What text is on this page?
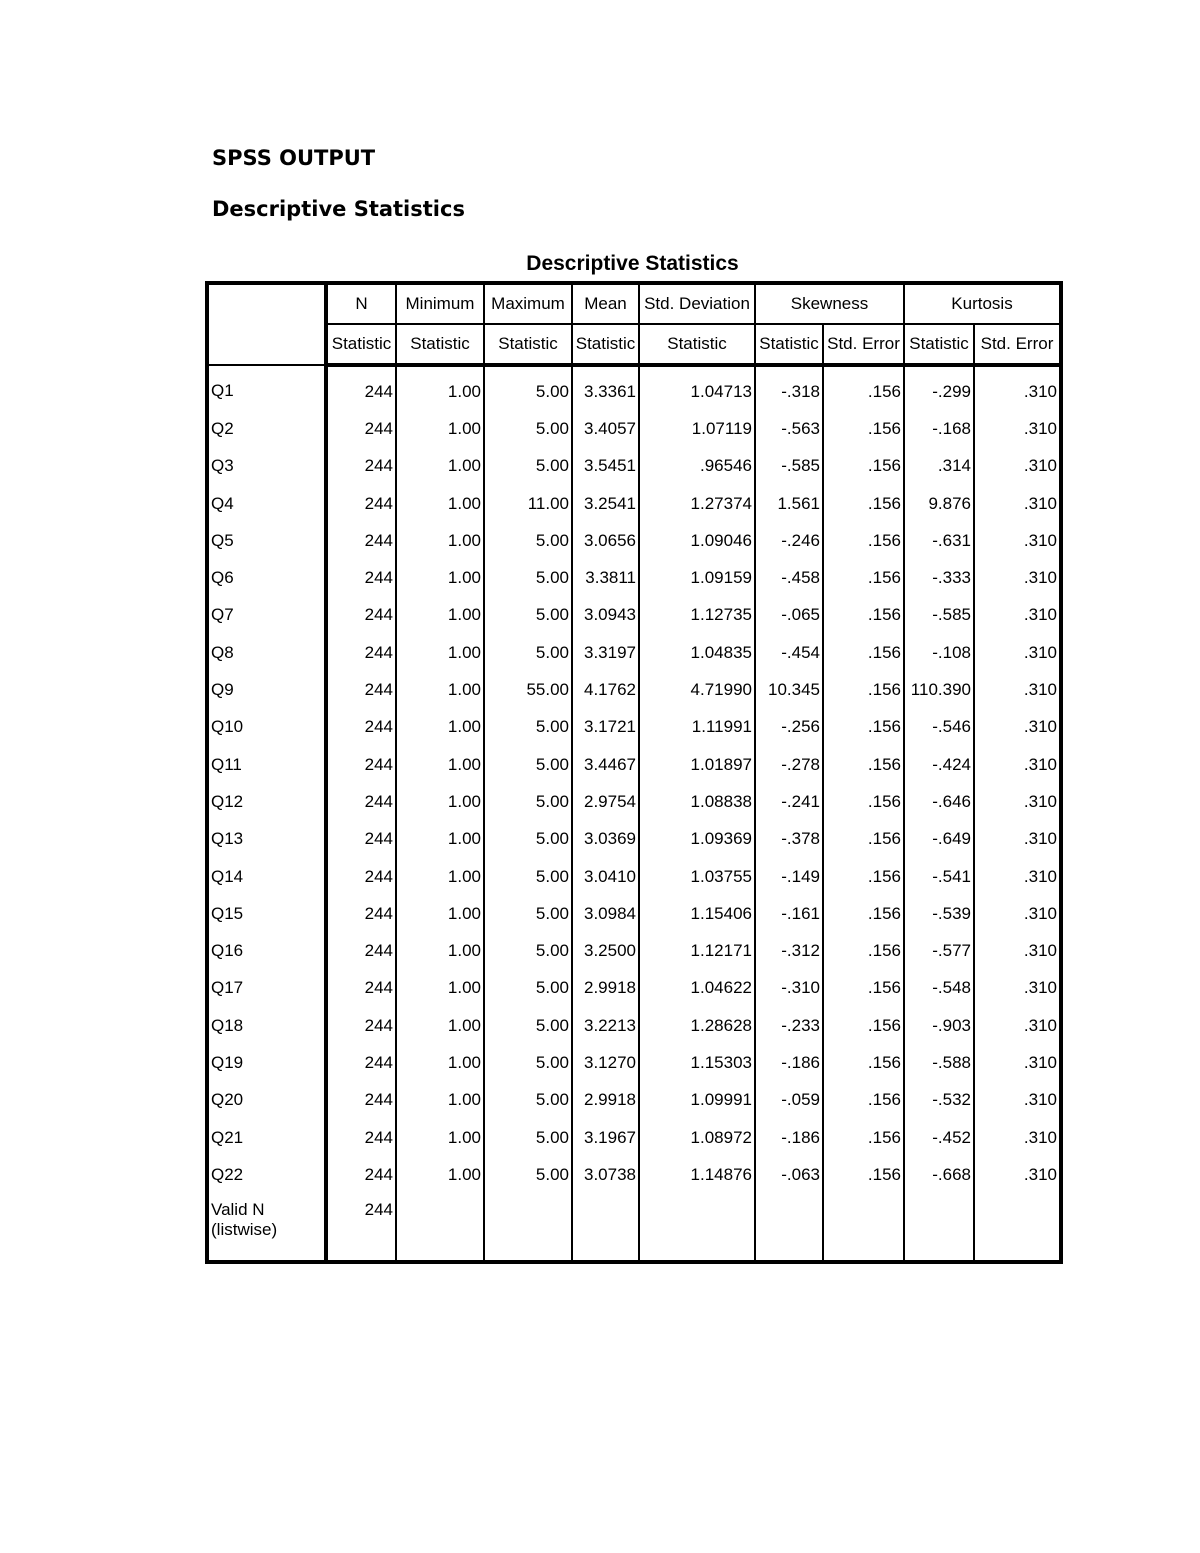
SPSS OUTPUT
Descriptive Statistics
Descriptive Statistics
	N	Minimum	Maximum	Mean	Std. Deviation	Skewness		Kurtosis	
	Statistic	Statistic	Statistic	Statistic	Statistic	Statistic	Std. Error	Statistic	Std. Error
Q1	244	1.00	5.00	3.3361	1.04713	-.318	.156	-.299	.310
Q2	244	1.00	5.00	3.4057	1.07119	-.563	.156	-.168	.310
Q3	244	1.00	5.00	3.5451	.96546	-.585	.156	.314	.310
Q4	244	1.00	11.00	3.2541	1.27374	1.561	.156	9.876	.310
Q5	244	1.00	5.00	3.0656	1.09046	-.246	.156	-.631	.310
Q6	244	1.00	5.00	3.3811	1.09159	-.458	.156	-.333	.310
Q7	244	1.00	5.00	3.0943	1.12735	-.065	.156	-.585	.310
Q8	244	1.00	5.00	3.3197	1.04835	-.454	.156	-.108	.310
Q9	244	1.00	55.00	4.1762	4.71990	10.345	.156	110.390	.310
Q10	244	1.00	5.00	3.1721	1.11991	-.256	.156	-.546	.310
Q11	244	1.00	5.00	3.4467	1.01897	-.278	.156	-.424	.310
Q12	244	1.00	5.00	2.9754	1.08838	-.241	.156	-.646	.310
Q13	244	1.00	5.00	3.0369	1.09369	-.378	.156	-.649	.310
Q14	244	1.00	5.00	3.0410	1.03755	-.149	.156	-.541	.310
Q15	244	1.00	5.00	3.0984	1.15406	-.161	.156	-.539	.310
Q16	244	1.00	5.00	3.2500	1.12171	-.312	.156	-.577	.310
Q17	244	1.00	5.00	2.9918	1.04622	-.310	.156	-.548	.310
Q18	244	1.00	5.00	3.2213	1.28628	-.233	.156	-.903	.310
Q19	244	1.00	5.00	3.1270	1.15303	-.186	.156	-.588	.310
Q20	244	1.00	5.00	2.9918	1.09991	-.059	.156	-.532	.310
Q21	244	1.00	5.00	3.1967	1.08972	-.186	.156	-.452	.310
Q22	244	1.00	5.00	3.0738	1.14876	-.063	.156	-.668	.310
Valid N
(listwise)	244								
